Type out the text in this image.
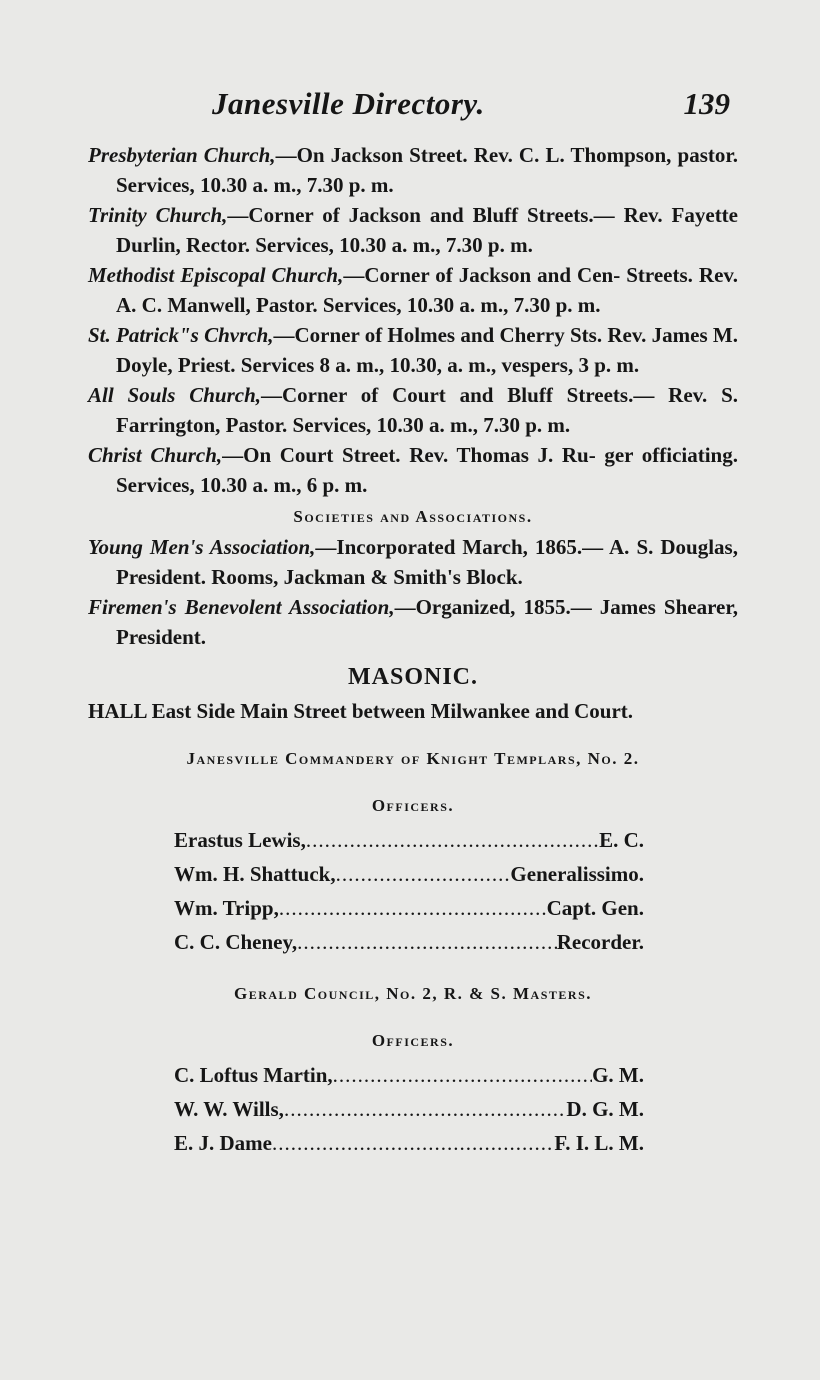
Janesville Directory.	139

Presbyterian Church,—On Jackson Street. Rev. C. L. Thompson, pastor. Services, 10.30 a. m., 7.30 p. m.

Trinity Church,—Corner of Jackson and Bluff Streets.— Rev. Fayette Durlin, Rector. Services, 10.30 a. m., 7.30 p. m.

Methodist Episcopal Church,—Corner of Jackson and Cen- Streets. Rev. A. C. Manwell, Pastor. Services, 10.30 a. m., 7.30 p. m.

St. Patrick"s Chvrch,—Corner of Holmes and Cherry Sts. Rev. James M. Doyle, Priest. Services 8 a. m., 10.30, a. m., vespers, 3 p. m.

All Souls Church,—Corner of Court and Bluff Streets.— Rev. S. Farrington, Pastor. Services, 10.30 a. m., 7.30 p. m.

Christ Church,—On Court Street. Rev. Thomas J. Ru- ger officiating. Services, 10.30 a. m., 6 p. m.

Societies and Associations.

Young Men's Association,—Incorporated March, 1865.— A. S. Douglas, President. Rooms, Jackman & Smith's Block.

Firemen's Benevolent Association,—Organized, 1855.— James Shearer, President.

MASONIC.

HALL East Side Main Street between Milwankee and Court.

Janesville Commandery of Knight Templars, No. 2.

Officers.

Erastus Lewis, .....	E. C.
Wm. H. Shattuck, .....	Generalissimo.
Wm. Tripp, .....	Capt. Gen.
C. C. Cheney, .....	Recorder.

Gerald Council, No. 2, R. & S. Masters.

Officers.

C. Loftus Martin, .....	G. M.
W. W. Wills, .....	D. G. M.
E. J. Dame .....	F. I. L. M.
